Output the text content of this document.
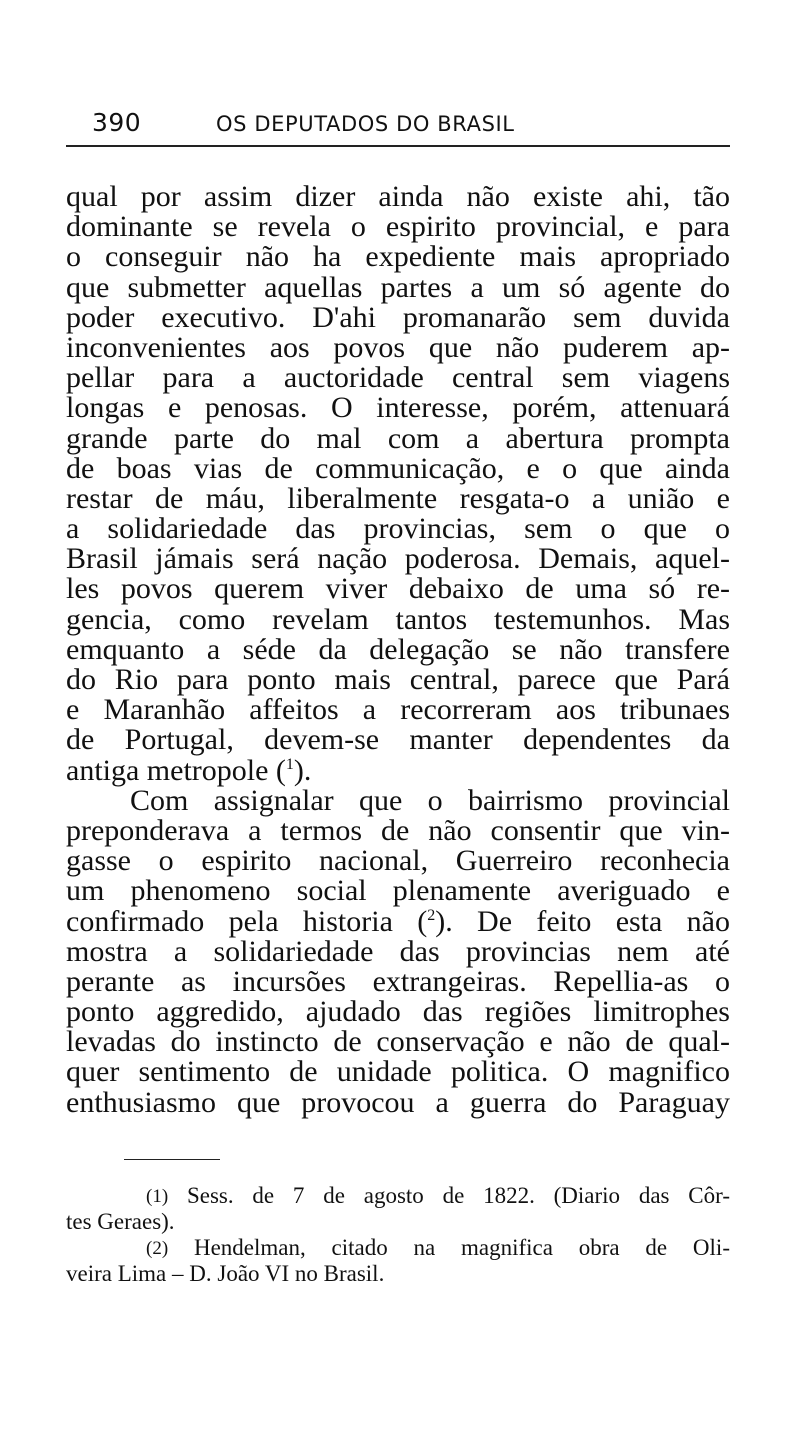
390	OS DEPUTADOS DO BRASIL
qual por assim dizer ainda não existe ahi, tão
dominante se revela o espirito provincial, e para
o conseguir não ha expediente mais apropriado
que submetter aquellas partes a um só agente do
poder executivo. D'ahi promanarão sem duvida
inconvenientes aos povos que não puderem ap-
pellar para a auctoridade central sem viagens
longas e penosas. O interesse, porém, attenuará
grande parte do mal com a abertura prompta
de boas vias de communicação, e o que ainda
restar de máu, liberalmente resgata-o a união e
a solidariedade das provincias, sem o que o
Brasil jámais será nação poderosa. Demais, aquel-
les povos querem viver debaixo de uma só re-
gencia, como revelam tantos testemunhos. Mas
emquanto a séde da delegação se não transfere
do Rio para ponto mais central, parece que Pará
e Maranhão affeitos a recorreram aos tribunaes
de Portugal, devem-se manter dependentes da
antiga metropole ($^1$).
Com assignalar que o bairrismo provincial
preponderava a termos de não consentir que vin-
gasse o espirito nacional, Guerreiro reconhecia
um phenomeno social plenamente averiguado e
confirmado pela historia ($^2$). De feito esta não
mostra a solidariedade das provincias nem até
perante as incursões extrangeiras. Repellia-as o
ponto aggredido, ajudado das regiões limitrophes
levadas do instincto de conservação e não de qual-
quer sentimento de unidade politica. O magnifico
enthusiasmo que provocou a guerra do Paraguay
(1) Sess. de 7 de agosto de 1822. (Diario das Côr-
tes Geraes).
(2) Hendelman, citado na magnifica obra de Oli-
veira Lima – D. João VI no Brasil.
